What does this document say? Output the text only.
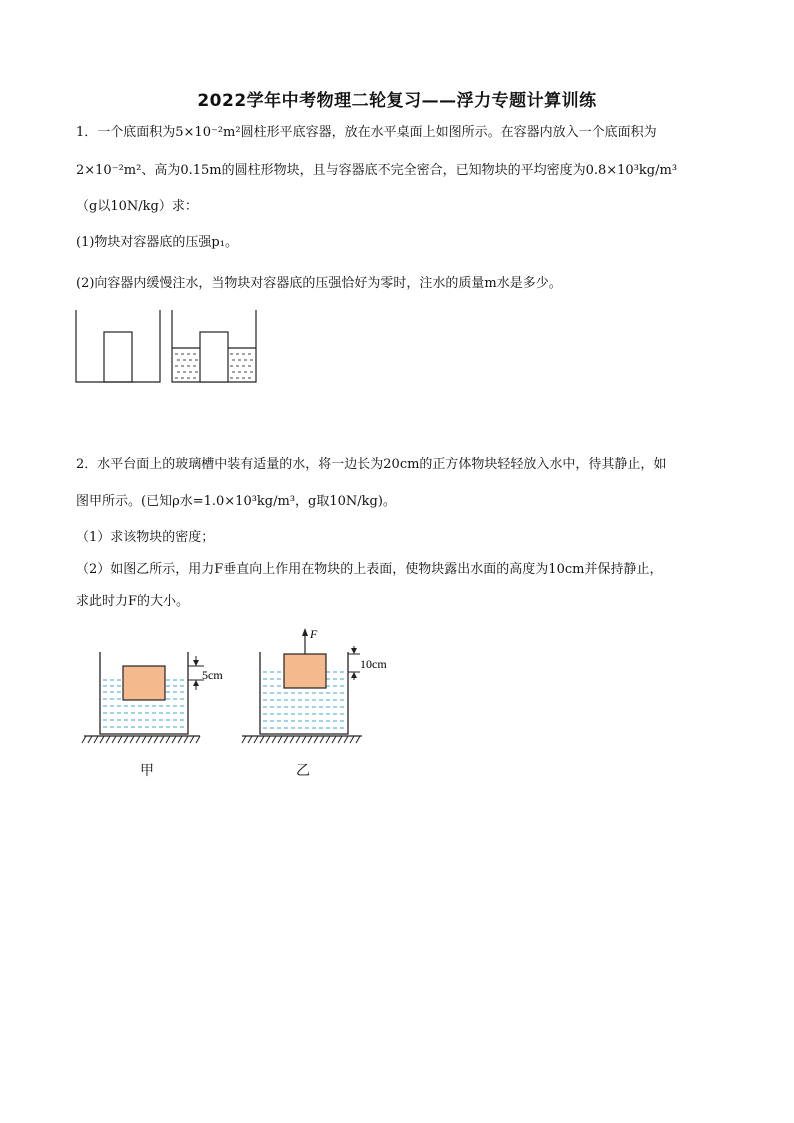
2022学年中考物理二轮复习——浮力专题计算训练
1．一个底面积为5×10⁻²m²圆柱形平底容器，放在水平桌面上如图所示。在容器内放入一个底面积为
2×10⁻²m²、高为0.15m的圆柱形物块，且与容器底不完全密合，已知物块的平均密度为0.8×10³kg/m³
（g以10N/kg）求：
(1)物块对容器底的压强p₁。
(2)向容器内缓慢注水，当物块对容器底的压强恰好为零时，注水的质量m水是多少。
2．水平台面上的玻璃槽中装有适量的水，将一边长为20cm的正方体物块轻轻放入水中，待其静止，如
图甲所示。(已知ρ水=1.0×10³kg/m³，g取10N/kg)。
（1）求该物块的密度；
（2）如图乙所示，用力F垂直向上作用在物块的上表面，使物块露出水面的高度为10cm并保持静止，
求此时力F的大小。
5cm
F
10cm
甲	乙
